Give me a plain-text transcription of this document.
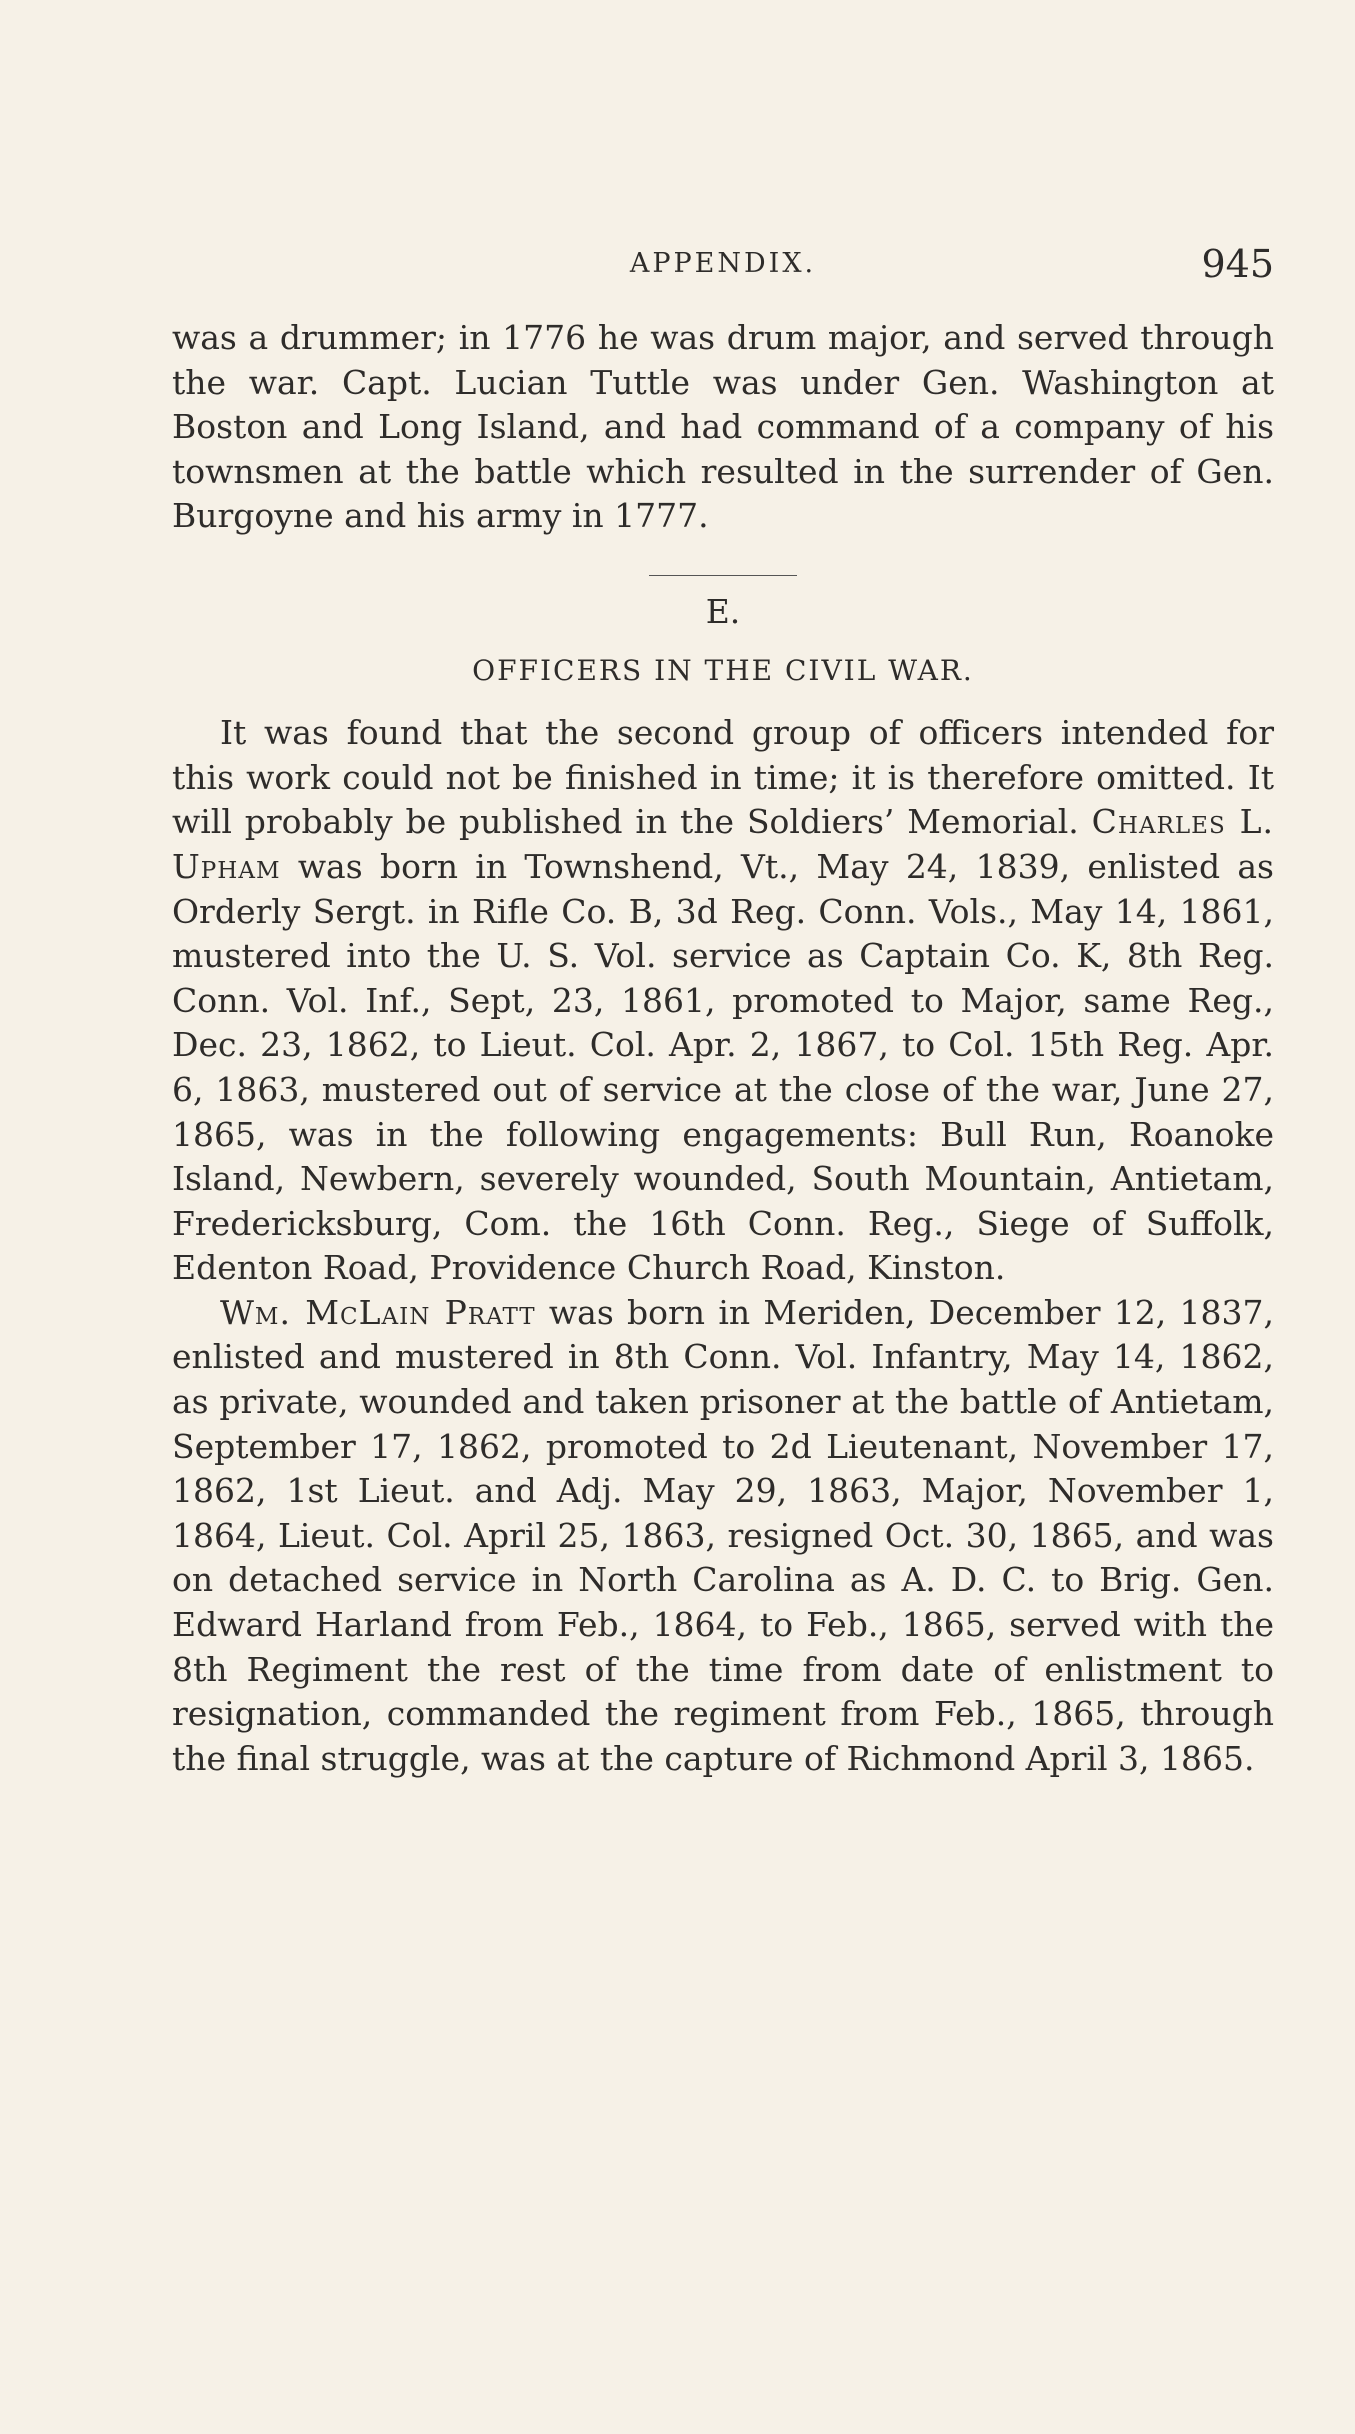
APPENDIX.	945

was a drummer; in 1776 he was drum major, and served through the war. Capt. Lucian Tuttle was under Gen. Washington at Boston and Long Island, and had command of a company of his townsmen at the battle which resulted in the surrender of Gen. Burgoyne and his army in 1777.

E.
OFFICERS IN THE CIVIL WAR.

It was found that the second group of officers intended for this work could not be finished in time; it is therefore omitted. It will probably be published in the Soldiers’ Memorial. Charles L. Upham was born in Townshend, Vt., May 24, 1839, enlisted as Orderly Sergt. in Rifle Co. B, 3d Reg. Conn. Vols., May 14, 1861, mustered into the U. S. Vol. service as Captain Co. K, 8th Reg. Conn. Vol. Inf., Sept, 23, 1861, promoted to Major, same Reg., Dec. 23, 1862, to Lieut. Col. Apr. 2, 1867, to Col. 15th Reg. Apr. 6, 1863, mustered out of service at the close of the war, June 27, 1865, was in the following engagements: Bull Run, Roanoke Island, Newbern, severely wounded, South Mountain, Antietam, Fredericksburg, Com. the 16th Conn. Reg., Siege of Suffolk, Edenton Road, Providence Church Road, Kinston.

Wm. McLain Pratt was born in Meriden, December 12, 1837, enlisted and mustered in 8th Conn. Vol. Infantry, May 14, 1862, as private, wounded and taken prisoner at the battle of Antietam, September 17, 1862, promoted to 2d Lieutenant, November 17, 1862, 1st Lieut. and Adj. May 29, 1863, Major, November 1, 1864, Lieut. Col. April 25, 1863, resigned Oct. 30, 1865, and was on detached service in North Carolina as A. D. C. to Brig. Gen. Edward Harland from Feb., 1864, to Feb., 1865, served with the 8th Regiment the rest of the time from date of enlistment to resignation, commanded the regiment from Feb., 1865, through the final struggle, was at the capture of Richmond April 3, 1865.
